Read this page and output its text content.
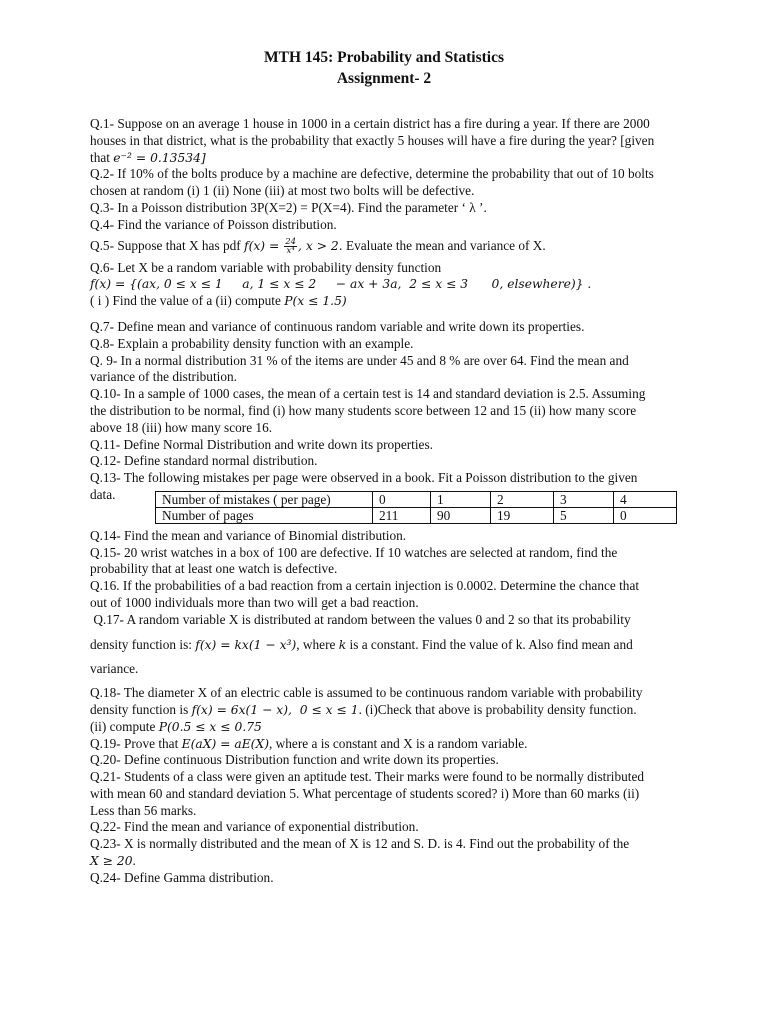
MTH 145: Probability and Statistics
Assignment- 2

Q.1- Suppose on an average 1 house in 1000 in a certain district has a fire during a year. If there are 2000

houses in that district, what is the probability that exactly 5 houses will have a fire during the year? [given

that e⁻² = 0.13534]

Q.2- If 10% of the bolts produce by a machine are defective, determine the probability that out of 10 bolts

chosen at random (i) 1 (ii) None (iii) at most two bolts will be defective.

Q.3- In a Poisson distribution 3P(X=2) = P(X=4). Find the parameter ‘ λ ’.

Q.4- Find the variance of Poisson distribution.

Q.5- Suppose that X has pdf $f(x) = \frac{24}{\text{x⁴}}$ , x > 2. Evaluate the mean and variance of X.

Q.6- Let X be a random variable with probability density function

f(x) = {(ax, 0 ≤ x ≤ 1     a, 1 ≤ x ≤ 2     − ax + 3a,  2 ≤ x ≤ 3      0, elsewhere)} .

( i ) Find the value of a (ii) compute P(x ≤ 1.5)

Q.7- Define mean and variance of continuous random variable and write down its properties.

Q.8- Explain a probability density function with an example.

Q. 9- In a normal distribution 31 % of the items are under 45 and 8 % are over 64. Find the mean and

variance of the distribution.

Q.10- In a sample of 1000 cases, the mean of a certain test is 14 and standard deviation is 2.5. Assuming

the distribution to be normal, find (i) how many students score between 12 and 15 (ii) how many score

above 18 (iii) how many score 16.

Q.11- Define Normal Distribution and write down its properties.

Q.12- Define standard normal distribution.

Q.13- The following mistakes per page were observed in a book. Fit a Poisson distribution to the given

data.	Number of mistakes ( per page)	0	1	2	3	4
Number of pages	211	90	19	5	0

Q.14- Find the mean and variance of Binomial distribution.

Q.15- 20 wrist watches in a box of 100 are defective. If 10 watches are selected at random, find the

probability that at least one watch is defective.

Q.16. If the probabilities of a bad reaction from a certain injection is 0.0002. Determine the chance that

out of 1000 individuals more than two will get a bad reaction.

Q.17- A random variable X is distributed at random between the values 0 and 2 so that its probability

density function is: f(x) = kx(1 − x³), where k is a constant. Find the value of k. Also find mean and

variance.

Q.18- The diameter X of an electric cable is assumed to be continuous random variable with probability

density function is f(x) = 6x(1 − x),  0 ≤ x ≤ 1. (i)Check that above is probability density function.

(ii) compute P(0.5 ≤ x ≤ 0.75

Q.19- Prove that E(aX) = aE(X), where a is constant and X is a random variable.

Q.20- Define continuous Distribution function and write down its properties.

Q.21- Students of a class were given an aptitude test. Their marks were found to be normally distributed

with mean 60 and standard deviation 5. What percentage of students scored? i) More than 60 marks (ii)

Less than 56 marks.

Q.22- Find the mean and variance of exponential distribution.

Q.23- X is normally distributed and the mean of X is 12 and S. D. is 4. Find out the probability of the

X ≥ 20.

Q.24- Define Gamma distribution.
